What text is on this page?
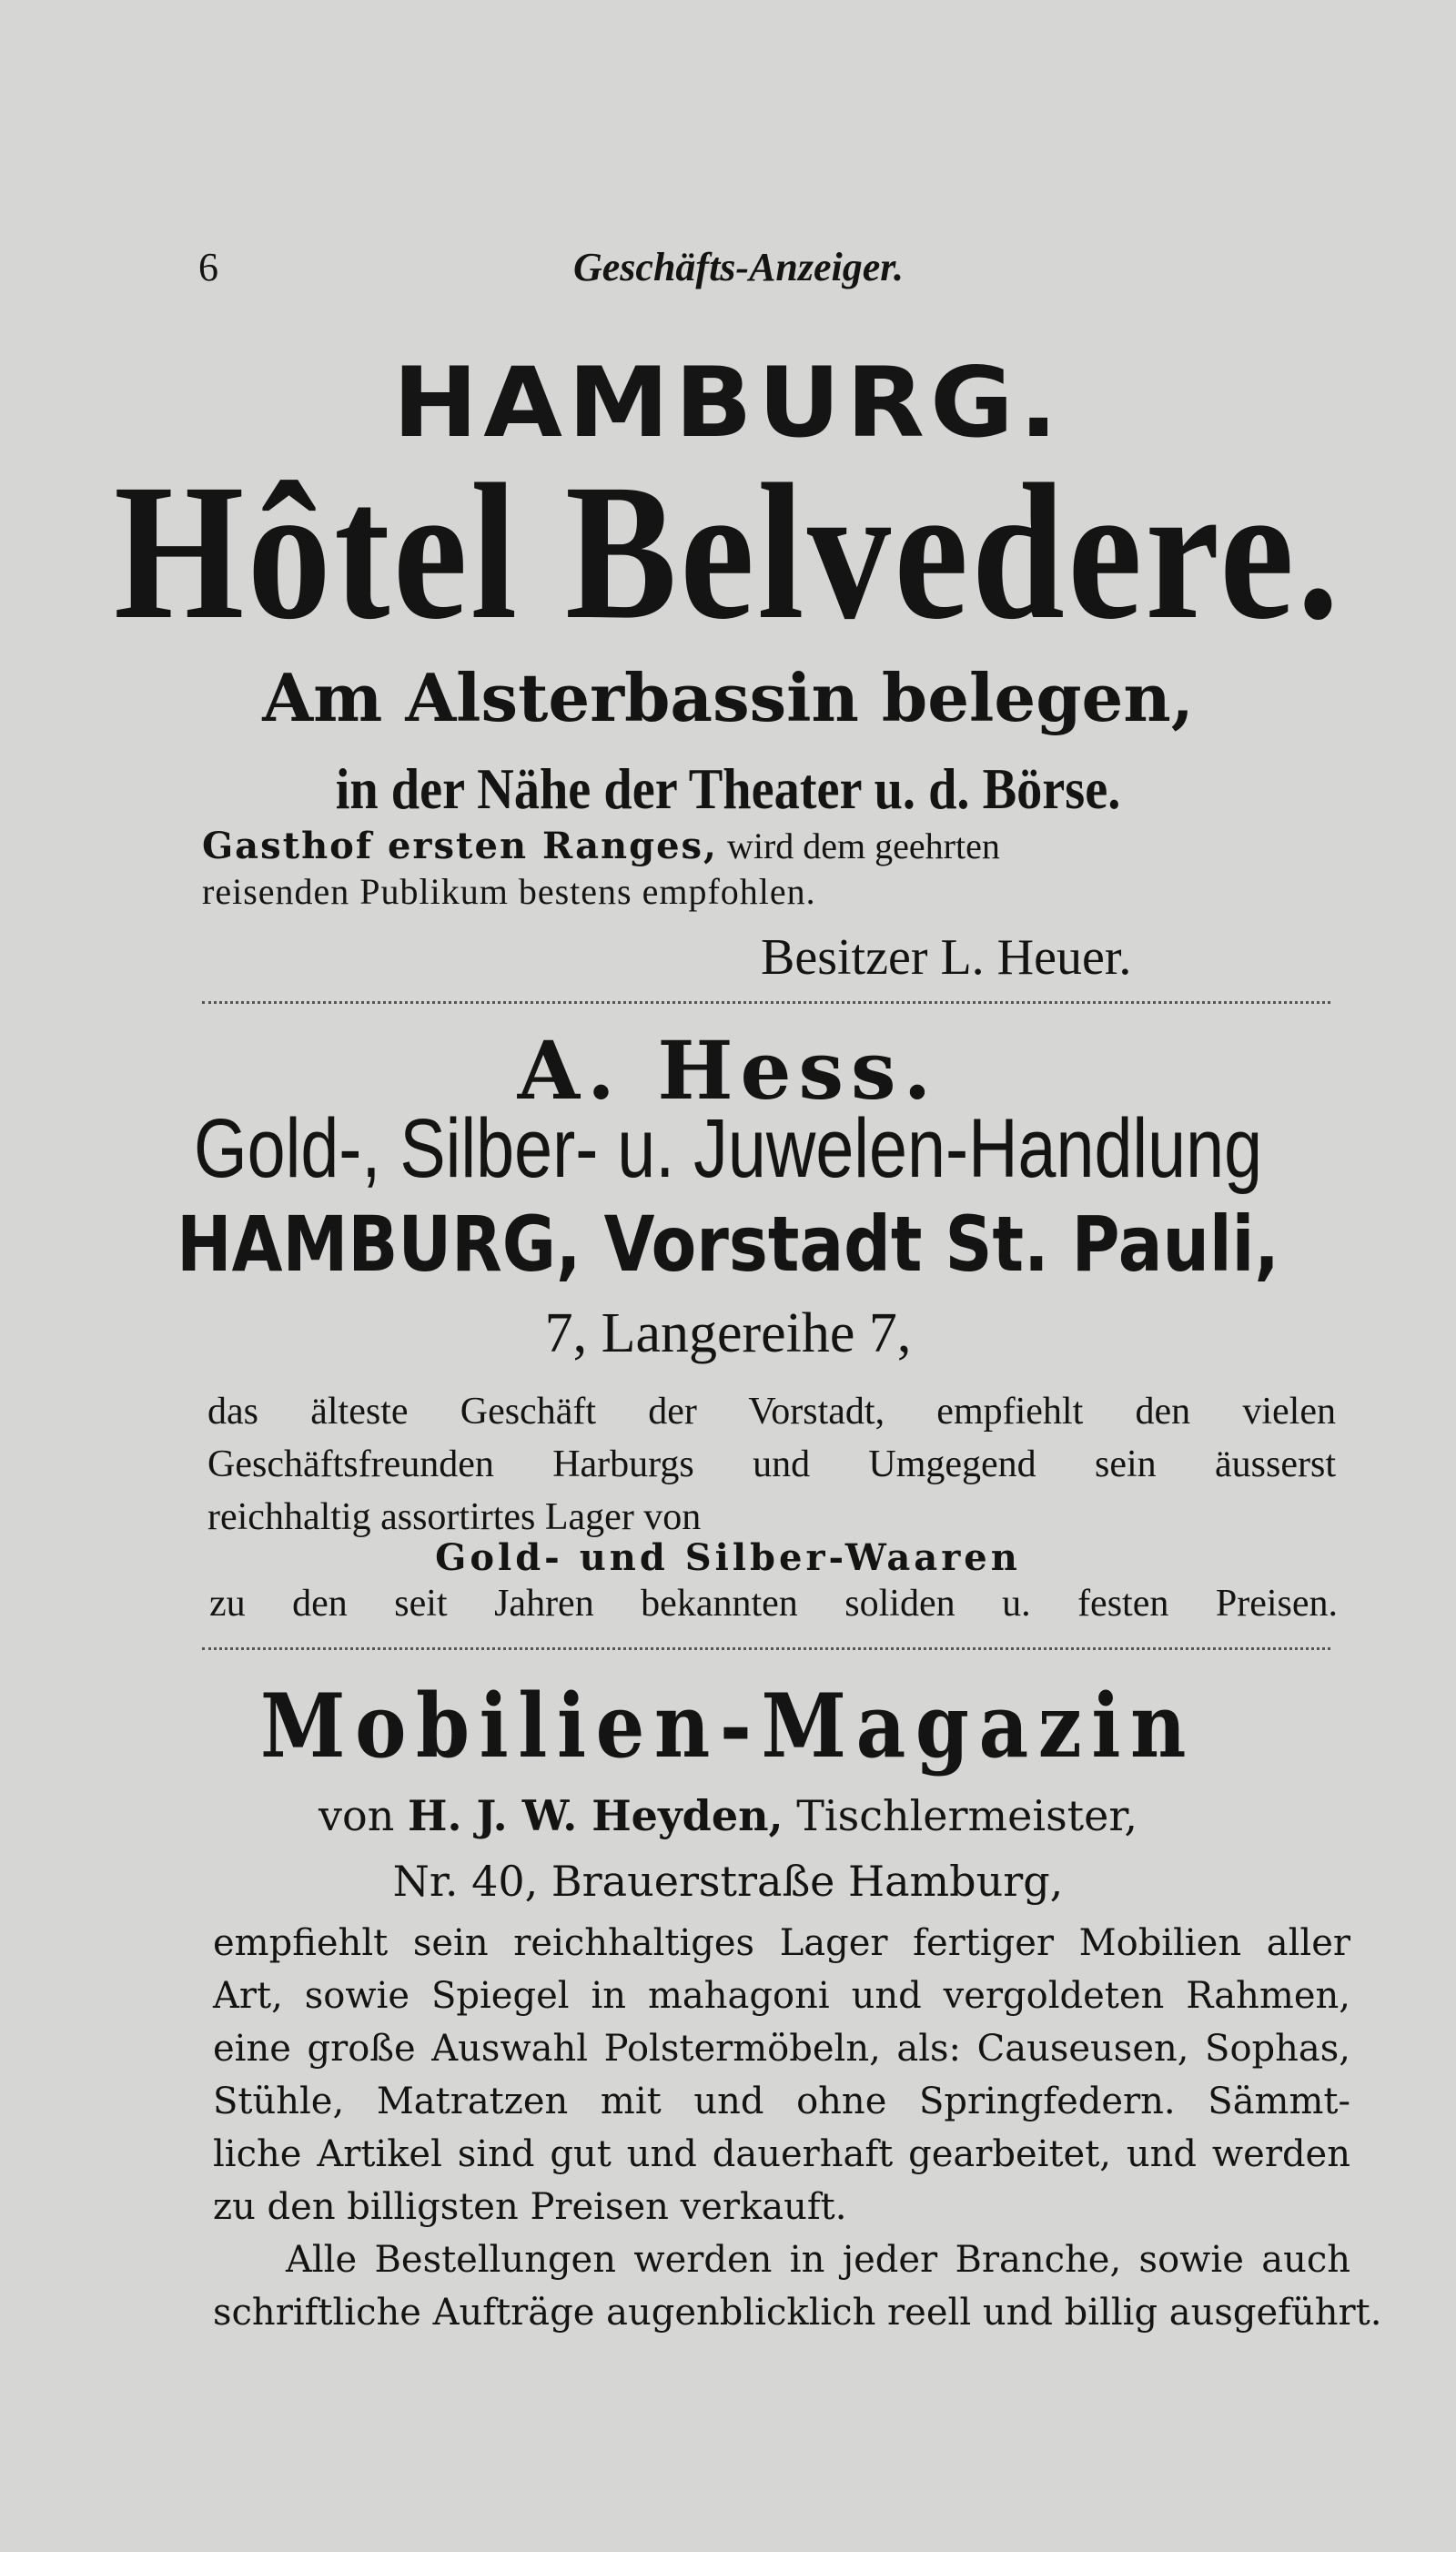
6	Geschäfts-Anzeiger.
HAMBURG.
Hôtel Belvedere.
Am Alsterbassin belegen,
in der Nähe der Theater u. d. Börse.
Gasthof ersten Ranges, wird dem geehrten
reisenden Publikum bestens empfohlen.
Besitzer L. Heuer.
A. Hess.
Gold-, Silber- u. Juwelen-Handlung
HAMBURG, Vorstadt St. Pauli,
7, Langereihe 7,
das älteste Geschäft der Vorstadt, empfiehlt den vielen
Geschäftsfreunden Harburgs und Umgegend sein äusserst
reichhaltig assortirtes Lager von
Gold- und Silber-Waaren
zu den seit Jahren bekannten soliden u. festen Preisen.
Mobilien-Magazin
von H. J. W. Heyden, Tischlermeister,
Nr. 40, Brauerstraße Hamburg,
empfiehlt sein reichhaltiges Lager fertiger Mobilien aller
Art, sowie Spiegel in mahagoni und vergoldeten Rahmen,
eine große Auswahl Polstermöbeln, als: Causeusen, Sophas,
Stühle, Matratzen mit und ohne Springfedern. Sämmt-
liche Artikel sind gut und dauerhaft gearbeitet, und werden
zu den billigsten Preisen verkauft.
Alle Bestellungen werden in jeder Branche, sowie auch
schriftliche Aufträge augenblicklich reell und billig ausgeführt.
